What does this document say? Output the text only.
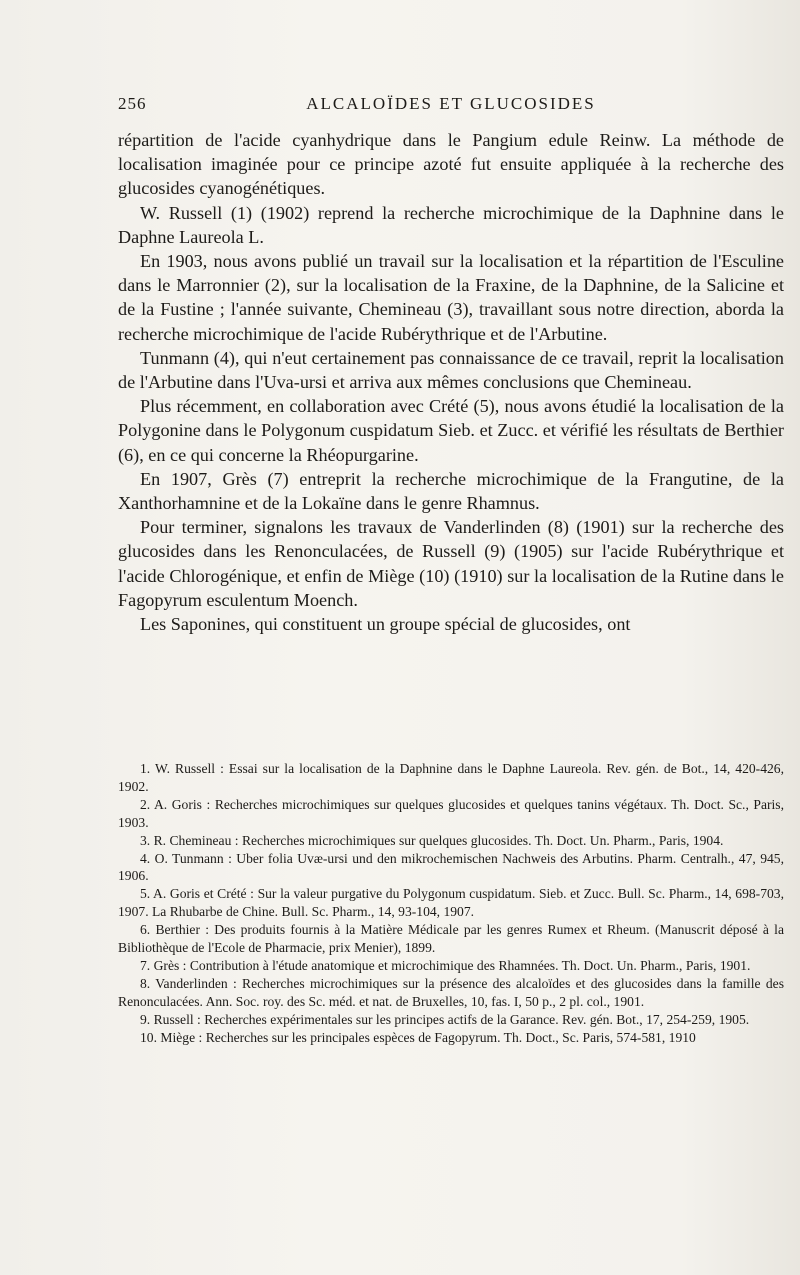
256	ALCALOÏDES ET GLUCOSIDES

répartition de l'acide cyanhydrique dans le Pangium edule Reinw. La méthode de localisation imaginée pour ce principe azoté fut ensuite appliquée à la recherche des glucosides cyanogénétiques.

W. Russell (1) (1902) reprend la recherche microchimique de la Daphnine dans le Daphne Laureola L.

En 1903, nous avons publié un travail sur la localisation et la répartition de l'Esculine dans le Marronnier (2), sur la localisation de la Fraxine, de la Daphnine, de la Salicine et de la Fustine ; l'année suivante, Chemineau (3), travaillant sous notre direction, aborda la recherche microchimique de l'acide Rubérythrique et de l'Arbutine.

Tunmann (4), qui n'eut certainement pas connaissance de ce travail, reprit la localisation de l'Arbutine dans l'Uva-ursi et arriva aux mêmes conclusions que Chemineau.

Plus récemment, en collaboration avec Crété (5), nous avons étudié la localisation de la Polygonine dans le Polygonum cuspidatum Sieb. et Zucc. et vérifié les résultats de Berthier (6), en ce qui concerne la Rhéopurgarine.

En 1907, Grès (7) entreprit la recherche microchimique de la Frangutine, de la Xanthorhamnine et de la Lokaïne dans le genre Rhamnus.

Pour terminer, signalons les travaux de Vanderlinden (8) (1901) sur la recherche des glucosides dans les Renonculacées, de Russell (9) (1905) sur l'acide Rubérythrique et l'acide Chlorogénique, et enfin de Miège (10) (1910) sur la localisation de la Rutine dans le Fagopyrum esculentum Moench.

Les Saponines, qui constituent un groupe spécial de glucosides, ont

1. W. Russell : Essai sur la localisation de la Daphnine dans le Daphne Laureola. Rev. gén. de Bot., 14, 420-426, 1902.

2. A. Goris : Recherches microchimiques sur quelques glucosides et quelques tanins végétaux. Th. Doct. Sc., Paris, 1903.

3. R. Chemineau : Recherches microchimiques sur quelques glucosides. Th. Doct. Un. Pharm., Paris, 1904.

4. O. Tunmann : Uber folia Uvæ-ursi und den mikrochemischen Nachweis des Arbutins. Pharm. Centralh., 47, 945, 1906.

5. A. Goris et Crété : Sur la valeur purgative du Polygonum cuspidatum. Sieb. et Zucc. Bull. Sc. Pharm., 14, 698-703, 1907. La Rhubarbe de Chine. Bull. Sc. Pharm., 14, 93-104, 1907.

6. Berthier : Des produits fournis à la Matière Médicale par les genres Rumex et Rheum. (Manuscrit déposé à la Bibliothèque de l'Ecole de Pharmacie, prix Menier), 1899.

7. Grès : Contribution à l'étude anatomique et microchimique des Rhamnées. Th. Doct. Un. Pharm., Paris, 1901.

8. Vanderlinden : Recherches microchimiques sur la présence des alcaloïdes et des glucosides dans la famille des Renonculacées. Ann. Soc. roy. des Sc. méd. et nat. de Bruxelles, 10, fas. I, 50 p., 2 pl. col., 1901.

9. Russell : Recherches expérimentales sur les principes actifs de la Garance. Rev. gén. Bot., 17, 254-259, 1905.

10. Miège : Recherches sur les principales espèces de Fagopyrum. Th. Doct., Sc. Paris, 574-581, 1910
